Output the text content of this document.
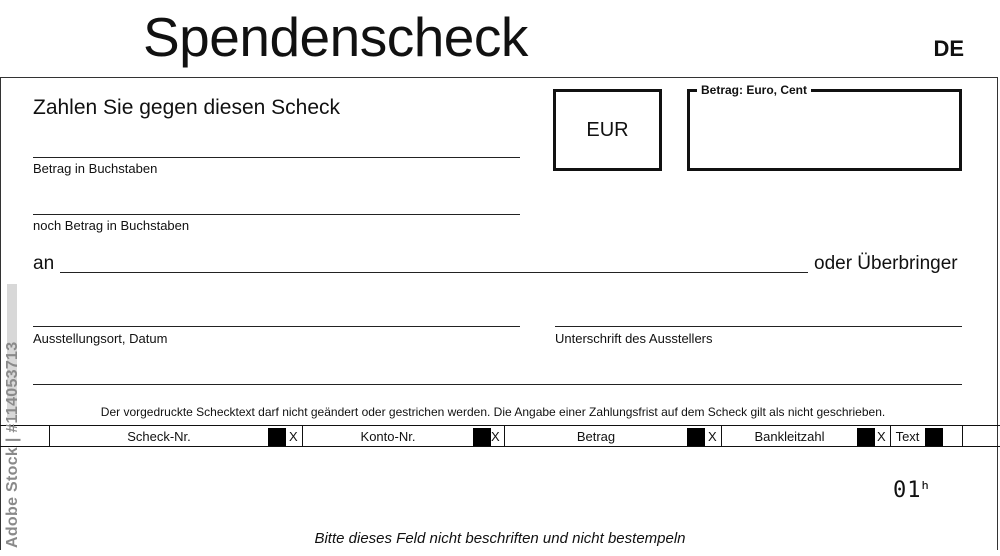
Spendenscheck	DE
Zahlen Sie gegen diesen Scheck
Betrag in Buchstaben
noch Betrag in Buchstaben
EUR
Betrag: Euro, Cent
an	oder Überbringer
Ausstellungsort, Datum	Unterschrift des Ausstellers
Der vorgedruckte Schecktext darf nicht geändert oder gestrichen werden. Die Angabe einer Zahlungsfrist auf dem Scheck gilt als nicht geschrieben.
Scheck-Nr.	X	Konto-Nr.	X	Betrag	X	Bankleitzahl	X Text
01ᑋ
Bitte dieses Feld nicht beschriften und nicht bestempeln
Adobe Stock | #114053713
